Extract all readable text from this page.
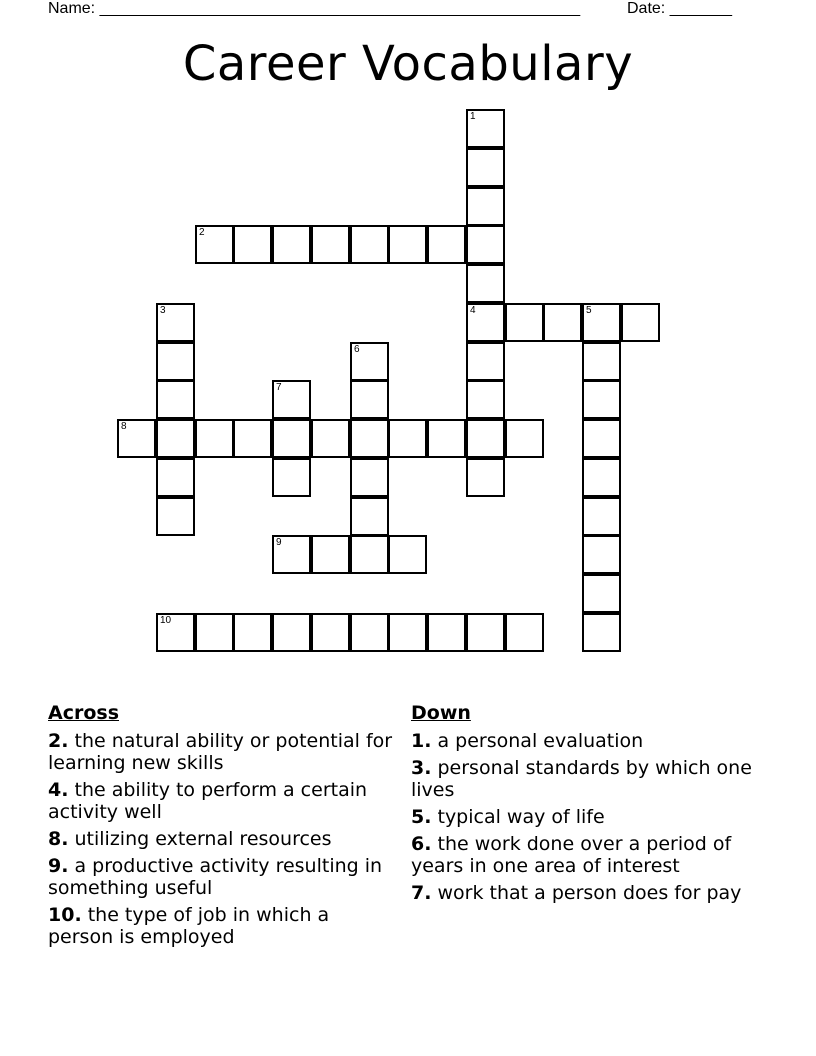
Name: ______________________________________________________	Date: _______
Career Vocabulary
1
2
3	4	5
6
7
8
9
10
Across
2. the natural ability or potential for learning new skills
4. the ability to perform a certain activity well
8. utilizing external resources
9. a productive activity resulting in something useful
10. the type of job in which a person is employed
Down
1. a personal evaluation
3. personal standards by which one lives
5. typical way of life
6. the work done over a period of years in one area of interest
7. work that a person does for pay
